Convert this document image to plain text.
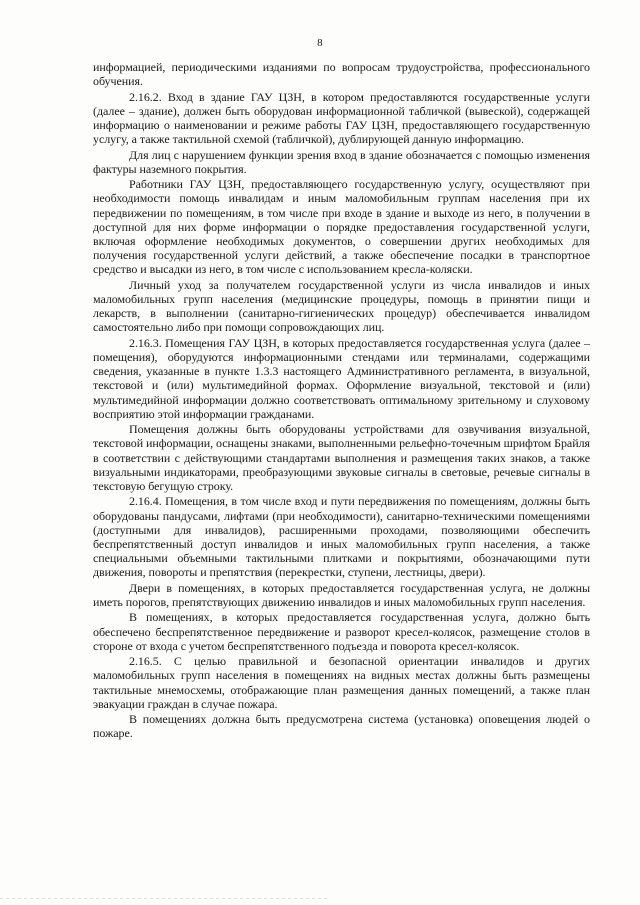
8

информацией, периодическими изданиями по вопросам трудоустройства, профессионального обучения.

2.16.2. Вход в здание ГАУ ЦЗН, в котором предоставляются государственные услуги (далее – здание), должен быть оборудован информационной табличкой (вывеской), содержащей информацию о наименовании и режиме работы ГАУ ЦЗН, предоставляющего государственную услугу, а также тактильной схемой (табличкой), дублирующей данную информацию.

Для лиц с нарушением функции зрения вход в здание обозначается с помощью изменения фактуры наземного покрытия.

Работники ГАУ ЦЗН, предоставляющего государственную услугу, осуществляют при необходимости помощь инвалидам и иным маломобильным группам населения при их передвижении по помещениям, в том числе при входе в здание и выходе из него, в получении в доступной для них форме информации о порядке предоставления государственной услуги, включая оформление необходимых документов, о совершении других необходимых для получения государственной услуги действий, а также обеспечение посадки в транспортное средство и высадки из него, в том числе с использованием кресла-коляски.

Личный уход за получателем государственной услуги из числа инвалидов и иных маломобильных групп населения (медицинские процедуры, помощь в принятии пищи и лекарств, в выполнении (санитарно-гигиенических процедур) обеспечивается инвалидом самостоятельно либо при помощи сопровождающих лиц.

2.16.3. Помещения ГАУ ЦЗН, в которых предоставляется государственная услуга (далее – помещения), оборудуются информационными стендами или терминалами, содержащими сведения, указанные в пункте 1.3.3 настоящего Административного регламента, в визуальной, текстовой и (или) мультимедийной формах. Оформление визуальной, текстовой и (или) мультимедийной информации должно соответствовать оптимальному зрительному и слуховому восприятию этой информации гражданами.

Помещения должны быть оборудованы устройствами для озвучивания визуальной, текстовой информации, оснащены знаками, выполненными рельефно-точечным шрифтом Брайля в соответствии с действующими стандартами выполнения и размещения таких знаков, а также визуальными индикаторами, преобразующими звуковые сигналы в световые, речевые сигналы в текстовую бегущую строку.

2.16.4. Помещения, в том числе вход и пути передвижения по помещениям, должны быть оборудованы пандусами, лифтами (при необходимости), санитарно-техническими помещениями (доступными для инвалидов), расширенными проходами, позволяющими обеспечить беспрепятственный доступ инвалидов и иных маломобильных групп населения, а также специальными объемными тактильными плитками и покрытиями, обозначающими пути движения, повороты и препятствия (перекрестки, ступени, лестницы, двери).

Двери в помещениях, в которых предоставляется государственная услуга, не должны иметь порогов, препятствующих движению инвалидов и иных маломобильных групп населения.

В помещениях, в которых предоставляется государственная услуга, должно быть обеспечено беспрепятственное передвижение и разворот кресел-колясок, размещение столов в стороне от входа с учетом беспрепятственного подъезда и поворота кресел-колясок.

2.16.5. С целью правильной и безопасной ориентации инвалидов и других маломобильных групп населения в помещениях на видных местах должны быть размещены тактильные мнемосхемы, отображающие план размещения данных помещений, а также план эвакуации граждан в случае пожара.

В помещениях должна быть предусмотрена система (установка) оповещения людей о пожаре.
